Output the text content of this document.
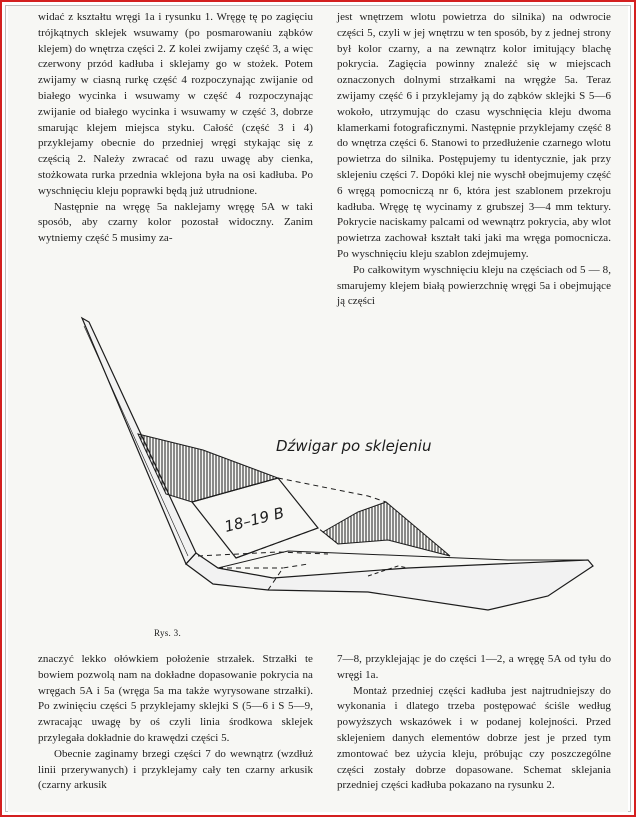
widać z kształtu wręgi 1a i rysunku 1. Wręgę tę po zagięciu trójkątnych sklejek wsuwamy (po posmarowaniu ząbków klejem) do wnętrza części 2. Z kolei zwijamy część 3, a więc czerwony przód kadłuba i sklejamy go w stożek. Potem zwijamy w ciasną rurkę część 4 rozpoczynając zwijanie od białego wycinka i wsuwamy w część 4 rozpoczynając zwijanie od białego wycinka i wsuwamy w część 3, dobrze smarując klejem miejsca styku. Całość (część 3 i 4) przyklejamy obecnie do przedniej wręgi stykając się z częścią 2. Należy zwracać od razu uwagę aby cienka, stożkowata rurka przednia wklejona była na osi kadłuba. Po wyschnięciu kleju poprawki będą już utrudnione.

Następnie na wręgę 5a naklejamy wręgę 5A w taki sposób, aby czarny kolor pozostał widoczny. Zanim wytniemy część 5 musimy za-

jest wnętrzem wlotu powietrza do silnika) na odwrocie części 5, czyli w jej wnętrzu w ten sposób, by z jednej strony był kolor czarny, a na zewnątrz kolor imitujący blachę pokrycia. Zagięcia powinny znaleźć się w miejscach oznaczonych dolnymi strzałkami na wręgże 5a. Teraz zwijamy część 6 i przyklejamy ją do ząbków sklejki S 5—6 wokoło, utrzymując do czasu wyschnięcia kleju dwoma klamerkami fotograficznymi. Następnie przyklejamy część 8 do wnętrza części 6. Stanowi to przedłużenie czarnego wlotu powietrza do silnika. Postępujemy tu identycznie, jak przy sklejeniu części 7. Dopóki klej nie wyschł obejmujemy część 6 wręgą pomocniczą nr 6, która jest szablonem przekroju kadłuba. Wręgę tę wycinamy z grubszej 3—4 mm tektury. Pokrycie naciskamy palcami od wewnątrz pokrycia, aby wlot powietrza zachował kształt taki jaki ma wręga pomocnicza. Po wyschnięciu kleju szablon zdejmujemy.

Po całkowitym wyschnięciu kleju na częściach od 5 — 8, smarujemy klejem białą powierzchnię wręgi 5a i obejmujące ją części

Dźwigar po sklejeniu
18–19 B
Rys. 3.

znaczyć lekko ołówkiem położenie strzałek. Strzałki te bowiem pozwolą nam na dokładne dopasowanie pokrycia na wręgach 5A i 5a (wręga 5a ma także wyrysowane strzałki). Po zwinięciu części 5 przyklejamy sklejki S (5—6 i S 5—9, zwracając uwagę by oś czyli linia środkowa sklejek przylegała dokładnie do krawędzi części 5.

Obecnie zaginamy brzegi części 7 do wewnątrz (wzdłuż linii przerywanych) i przyklejamy cały ten czarny arkusik (czarny arkusik

7—8, przyklejając je do części 1—2, a wręgę 5A od tyłu do wręgi 1a.

Montaż przedniej części kadłuba jest najtrudniejszy do wykonania i dlatego trzeba postępować ściśle według powyższych wskazówek i w podanej kolejności. Przed sklejeniem danych elementów dobrze jest je przed tym zmontować bez użycia kleju, próbując czy poszczególne części zostały dobrze dopasowane. Schemat sklejania przedniej części kadłuba pokazano na rysunku 2.
